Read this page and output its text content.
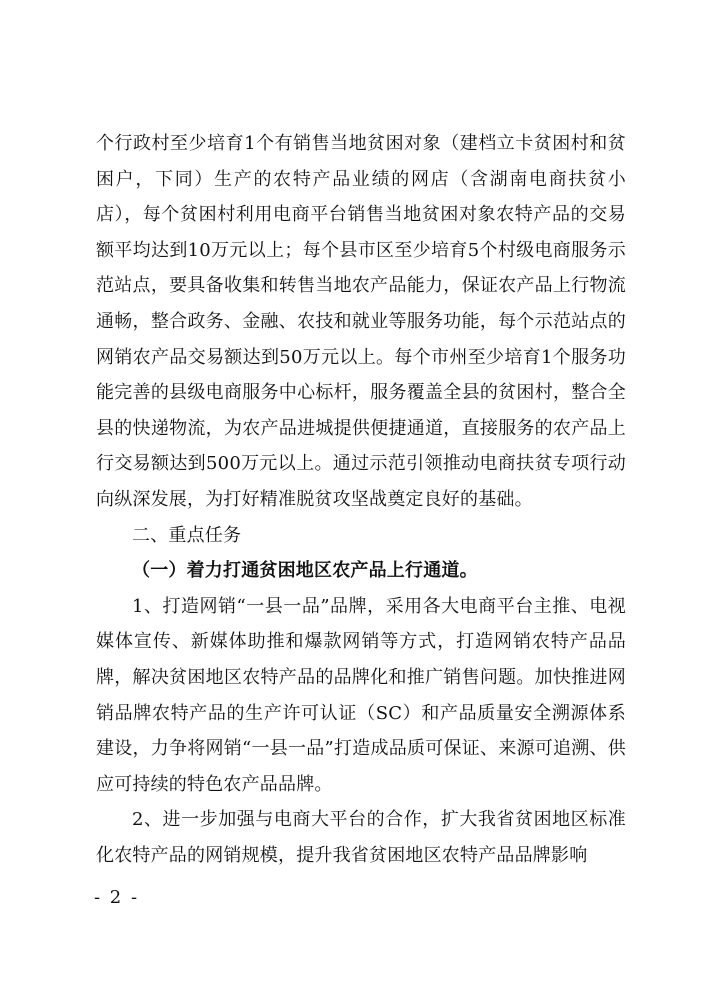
个行政村至少培育1个有销售当地贫困对象（建档立卡贫困村和贫困户，下同）生产的农特产品业绩的网店（含湖南电商扶贫小店），每个贫困村利用电商平台销售当地贫困对象农特产品的交易额平均达到10万元以上；每个县市区至少培育5个村级电商服务示范站点，要具备收集和转售当地农产品能力，保证农产品上行物流通畅，整合政务、金融、农技和就业等服务功能，每个示范站点的网销农产品交易额达到50万元以上。每个市州至少培育1个服务功能完善的县级电商服务中心标杆，服务覆盖全县的贫困村，整合全县的快递物流，为农产品进城提供便捷通道，直接服务的农产品上行交易额达到500万元以上。通过示范引领推动电商扶贫专项行动向纵深发展，为打好精准脱贫攻坚战奠定良好的基础。

二、重点任务

（一）着力打通贫困地区农产品上行通道。

1、打造网销“一县一品”品牌，采用各大电商平台主推、电视媒体宣传、新媒体助推和爆款网销等方式，打造网销农特产品品牌，解决贫困地区农特产品的品牌化和推广销售问题。加快推进网销品牌农特产品的生产许可认证（SC）和产品质量安全溯源体系建设，力争将网销“一县一品”打造成品质可保证、来源可追溯、供应可持续的特色农产品品牌。

2、进一步加强与电商大平台的合作，扩大我省贫困地区标准化农特产品的网销规模，提升我省贫困地区农特产品品牌影响

- 2 -
